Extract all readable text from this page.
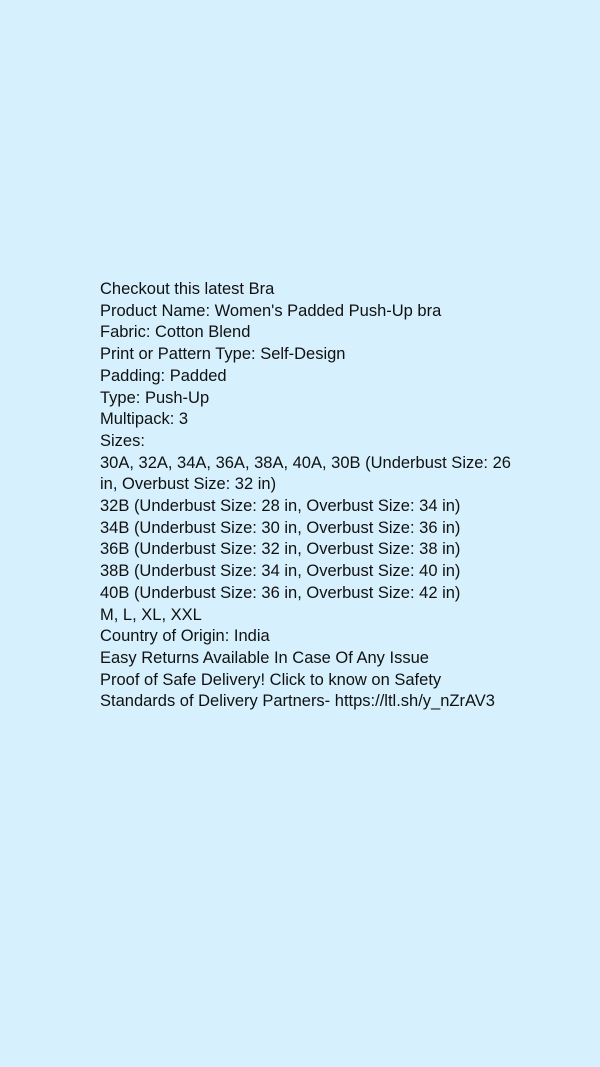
Checkout this latest Bra
Product Name: Women's Padded Push-Up bra
Fabric: Cotton Blend
Print or Pattern Type: Self-Design
Padding: Padded
Type: Push-Up
Multipack: 3
Sizes:
30A, 32A, 34A, 36A, 38A, 40A, 30B (Underbust Size: 26 in, Overbust Size: 32 in)
32B (Underbust Size: 28 in, Overbust Size: 34 in)
34B (Underbust Size: 30 in, Overbust Size: 36 in)
36B (Underbust Size: 32 in, Overbust Size: 38 in)
38B (Underbust Size: 34 in, Overbust Size: 40 in)
40B (Underbust Size: 36 in, Overbust Size: 42 in)
M, L, XL, XXL
Country of Origin: India
Easy Returns Available In Case Of Any Issue
Proof of Safe Delivery! Click to know on Safety
Standards of Delivery Partners- https://ltl.sh/y_nZrAV3
